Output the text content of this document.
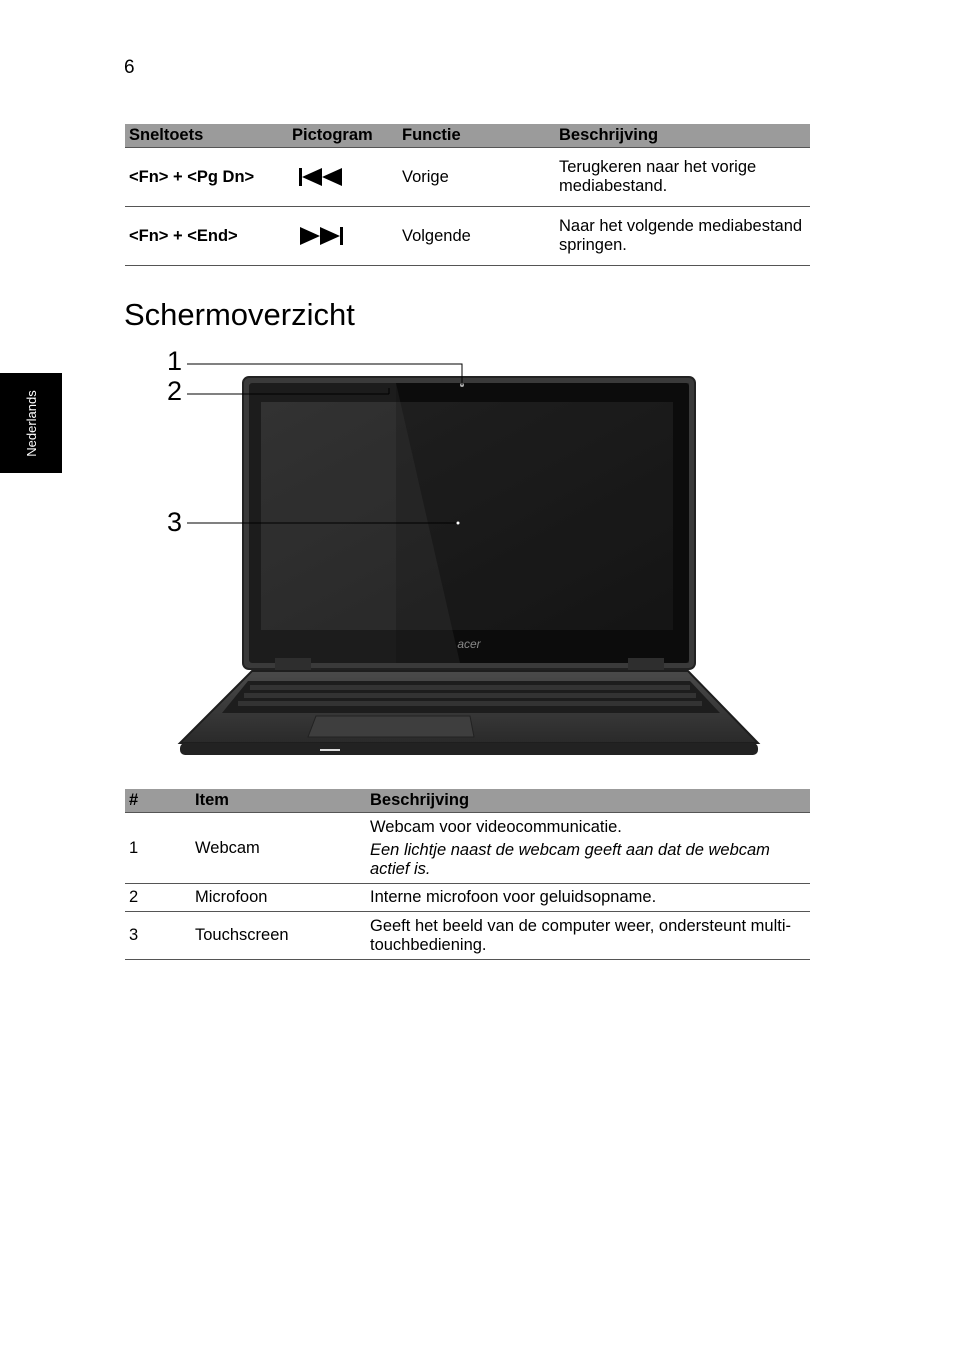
6
Nederlands
Sneltoets	Pictogram	Functie	Beschrijving
<Fn> + <Pg Dn>		Vorige	Terugkeren naar het vorige mediabestand.
<Fn> + <End>		Volgende	Naar het volgende mediabestand springen.
Schermoverzicht
acer
1
2
3
#	Item	Beschrijving
1	Webcam	Webcam voor videocommunicatie.
Een lichtje naast de webcam geeft aan dat de webcam actief is.

2	Microfoon	Interne microfoon voor geluidsopname.
3	Touchscreen	Geeft het beeld van de computer weer, ondersteunt multi-touchbediening.
